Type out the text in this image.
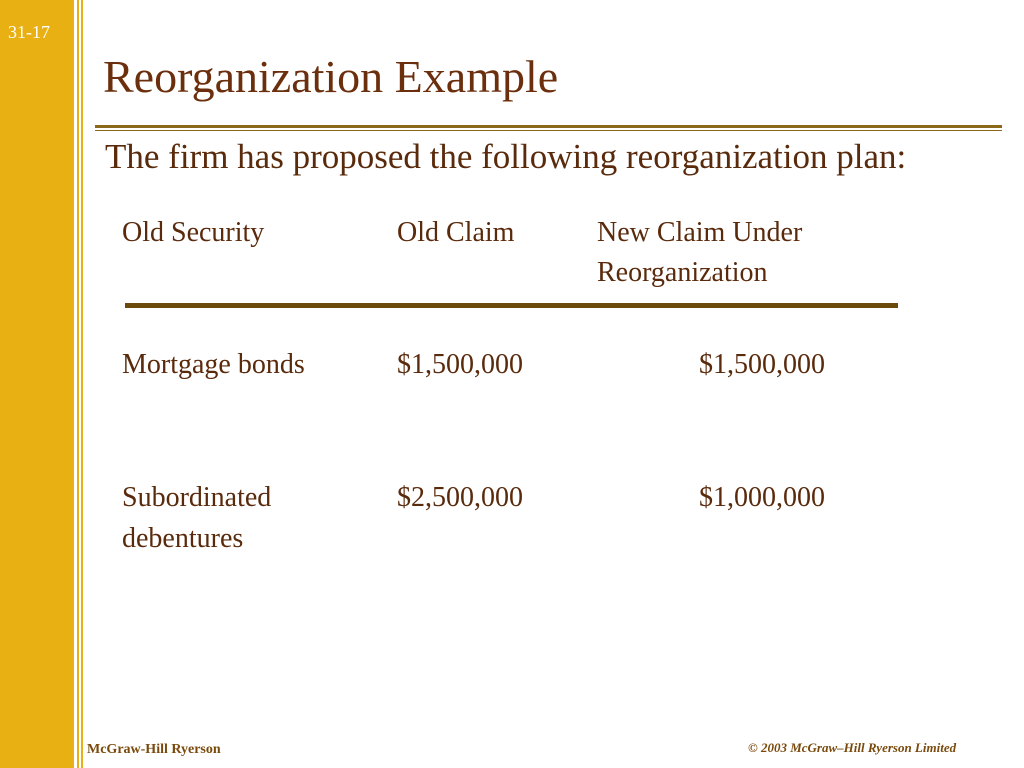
31-17
Reorganization Example
The firm has proposed the following reorganization plan:
Old Security	Old Claim	New Claim Under
Reorganization
Mortgage bonds	$1,500,000	$1,500,000
Subordinated
debentures
$2,500,000	$1,000,000
McGraw-Hill Ryerson	© 2003 McGraw–Hill Ryerson Limited
